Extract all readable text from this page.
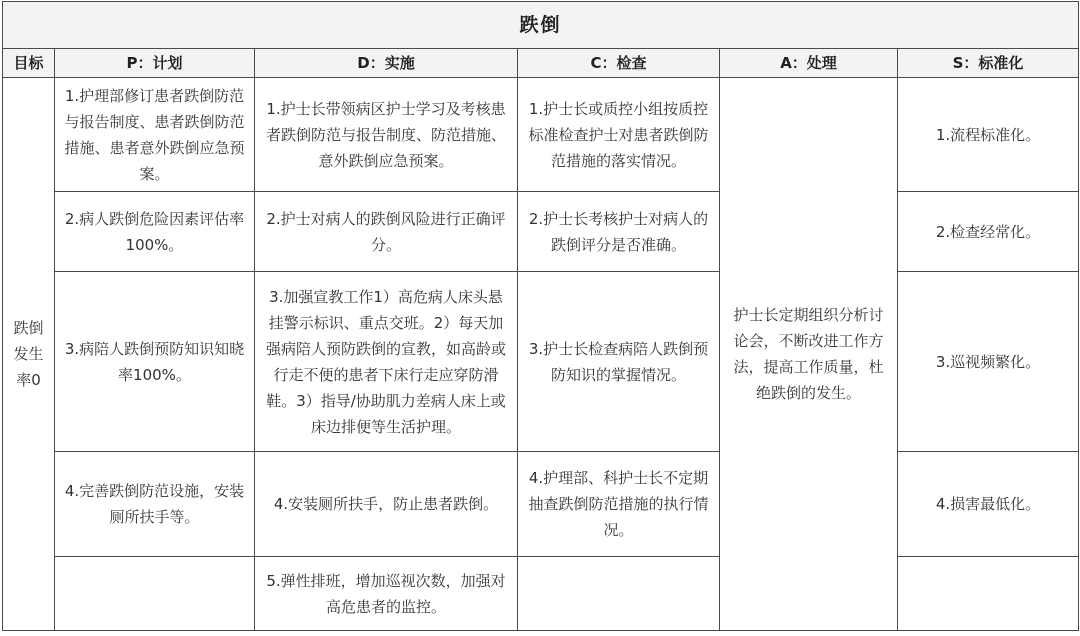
跌倒					
目标	P：计划	D：实施	C：检查	A：处理	S：标准化
跌倒发生率0	1.护理部修订患者跌倒防范与报告制度、患者跌倒防范措施、患者意外跌倒应急预案。	1.护士长带领病区护士学习及考核患者跌倒防范与报告制度、防范措施、意外跌倒应急预案。	1.护士长或质控小组按质控标准检查护士对患者跌倒防范措施的落实情况。	护士长定期组织分析讨论会，不断改进工作方法，提高工作质量，杜绝跌倒的发生。	1.流程标准化。
	2.病人跌倒危险因素评估率100%。	2.护士对病人的跌倒风险进行正确评分。	2.护士长考核护士对病人的跌倒评分是否准确。		2.检查经常化。
	3.病陪人跌倒预防知识知晓率100%。	3.加强宣教工作1）高危病人床头悬挂警示标识、重点交班。2）每天加强病陪人预防跌倒的宣教，如高龄或行走不便的患者下床行走应穿防滑鞋。3）指导/协助肌力差病人床上或床边排便等生活护理。	3.护士长检查病陪人跌倒预防知识的掌握情况。		3.巡视频繁化。
	4.完善跌倒防范设施，安装厕所扶手等。	4.安装厕所扶手，防止患者跌倒。	4.护理部、科护士长不定期抽查跌倒防范措施的执行情况。		4.损害最低化。
		5.弹性排班，增加巡视次数，加强对高危患者的监控。			
